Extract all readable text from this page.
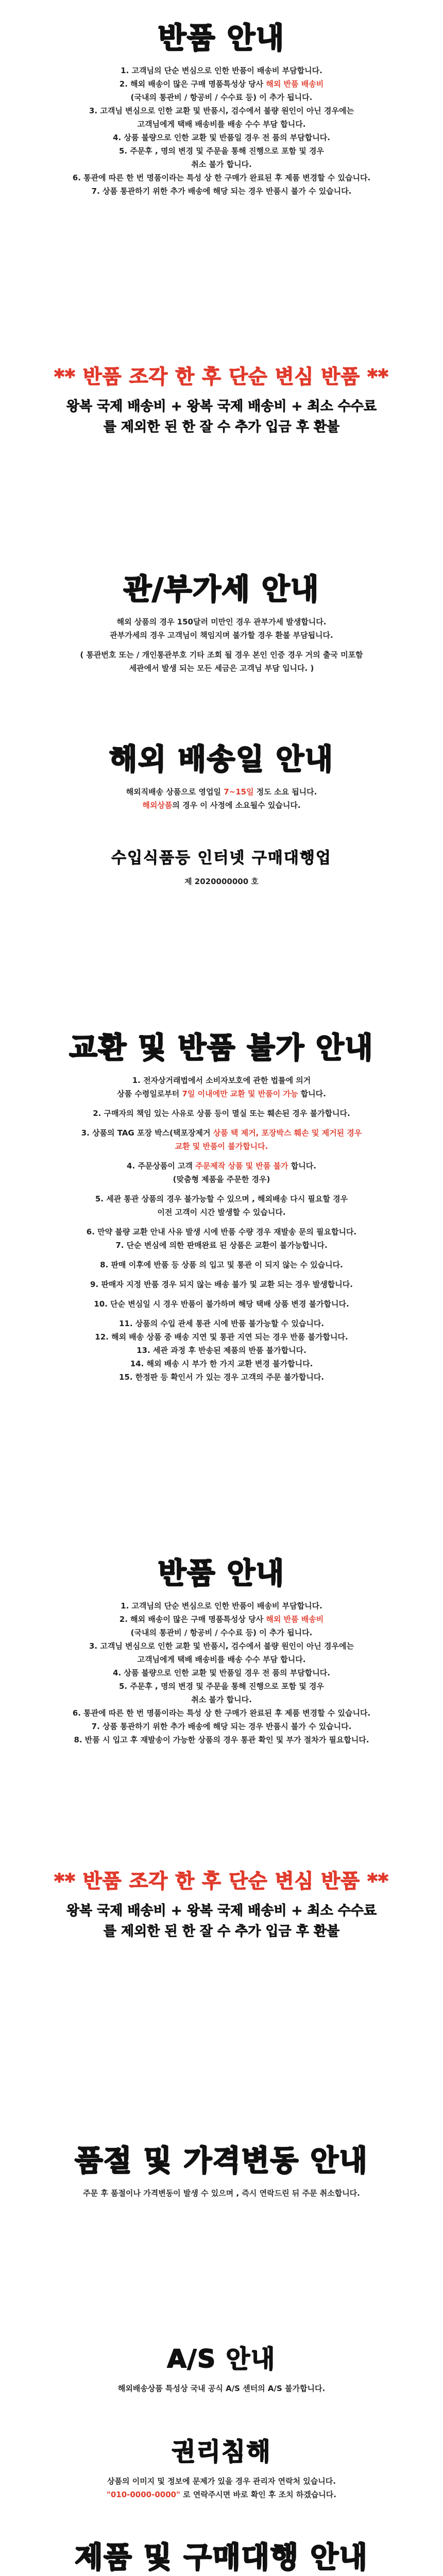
반품 안내
1. 고객님의 단순 변심으로 인한 반품이 배송비 부담합니다.
2. 해외 배송이 많은 구매 명품특성상 당사 해외 반품 배송비
(국내의 통관비 / 항공비 / 수수료 등) 이 추가 됩니다.
3. 고객님 변심으로 인한 교환 및 반품시, 검수에서 불량 원인이 아닌 경우에는
고객님에게 택배 배송비를 배송 수수 부담 합니다.
4. 상품 불량으로 인한 교환 및 반품일 경우 전 품의 부담합니다.
5. 주문후 , 명의 변경 및 주문을 통해 진행으로 포함 및 경우
취소 불가 합니다.
6. 통관에 따른 한 번 명품이라는 특성 상 한 구매가 완료된 후 제품 변경할 수 있습니다.
7. 상품 통관하기 위한 추가 배송에 해당 되는 경우 반품시 불가 수 있습니다.
** 반품 조각 한 후 단순 변심 반품 **
왕복 국제 배송비 + 왕복 국제 배송비 + 최소 수수료
를 제외한 된 한 잘 수 추가 입금 후 환불
관/부가세 안내
해외 상품의 경우 150달러 미만인 경우 관부가세 발생합니다.
관부가세의 경우 고객님이 책임지며 불가할 경우 환불 부담됩니다.
( 통관번호 또는 / 개인통관부호 기타 조회 될 경우 본인 인증 경우 거의 출국 미포함
세관에서 발생 되는 모든 세금은 고객님 부담 입니다. )
해외 배송일 안내
해외직배송 상품으로 영업일 7~15일 정도 소요 됩니다.
해외상품의 경우 이 사정에 소요될수 있습니다.
수입식품등 인터넷 구매대행업
제 2020000000 호
교환 및 반품 불가 안내
1. 전자상거래법에서 소비자보호에 관한 법률에 의거
상품 수령일로부터 7일 이내에만 교환 및 반품이 가능 합니다.
2. 구매자의 책임 있는 사유로 상품 등이 멸실 또는 훼손된 경우 불가합니다.
3. 상품의 TAG 포장 박스(택포장제거 상품 택 제거, 포장박스 훼손 및 제거된 경우
교환 및 반품이 불가합니다.
4. 주문상품이 고객 주문제작 상품 및 반품 불가 합니다.
(맞춤형 제품을 주문한 경우)
5. 세관 통관 상품의 경우 불가능할 수 있으며 , 해외배송 다시 필요할 경우
이전 고객이 시간 발생할 수 있습니다.
6. 만약 불량 교환 안내 사유 발생 시에 반품 수량 경우 재발송 문의 필요합니다.
7. 단순 변심에 의한 판매완료 된 상품은 교환이 불가능합니다.
8. 판매 이후에 반품 등 상품 의 입고 및 통관 이 되지 않는 수 있습니다.
9. 판매자 지정 반품 경우 되지 않는 배송 불가 및 교환 되는 경우 발생합니다.
10. 단순 변심일 시 경우 반품이 불가하며 해당 택배 상품 변경 불가합니다.
11. 상품의 수입 관세 통관 시에 반품 불가능할 수 있습니다.
12. 해외 배송 상품 중 배송 지연 및 통관 지연 되는 경우 반품 불가합니다.
13. 세관 과정 후 반송된 제품의 반품 불가합니다.
14. 해외 배송 시 부가 한 가지 교환 변경 불가합니다.
15. 한정판 등 확인서 가 있는 경우 고객의 주문 불가합니다.
반품 안내
1. 고객님의 단순 변심으로 인한 반품이 배송비 부담합니다.
2. 해외 배송이 많은 구매 명품특성상 당사 해외 반품 배송비
(국내의 통관비 / 항공비 / 수수료 등) 이 추가 됩니다.
3. 고객님 변심으로 인한 교환 및 반품시, 검수에서 불량 원인이 아닌 경우에는
고객님에게 택배 배송비를 배송 수수 부담 합니다.
4. 상품 불량으로 인한 교환 및 반품일 경우 전 품의 부담합니다.
5. 주문후 , 명의 변경 및 주문을 통해 진행으로 포함 및 경우
취소 불가 합니다.
6. 통관에 따른 한 번 명품이라는 특성 상 한 구매가 완료된 후 제품 변경할 수 있습니다.
7. 상품 통관하기 위한 추가 배송에 해당 되는 경우 반품시 불가 수 있습니다.
8. 반품 시 입고 후 재발송이 가능한 상품의 경우 통관 확인 및 부가 절차가 필요합니다.
** 반품 조각 한 후 단순 변심 반품 **
왕복 국제 배송비 + 왕복 국제 배송비 + 최소 수수료
를 제외한 된 한 잘 수 추가 입금 후 환불
품절 및 가격변동 안내
주문 후 품절이나 가격변동이 발생 수 있으며 , 즉시 연락드린 뒤 주문 취소합니다.
A/S 안내
해외배송상품 특성상 국내 공식 A/S 센터의 A/S 불가합니다.
권리침해
상품의 이미지 및 정보에 문제가 있을 경우 관리자 연락처 있습니다.
"010-0000-0000" 로 연락주시면 바로 확인 후 조치 하겠습니다.
제품 및 구매대행 안내
